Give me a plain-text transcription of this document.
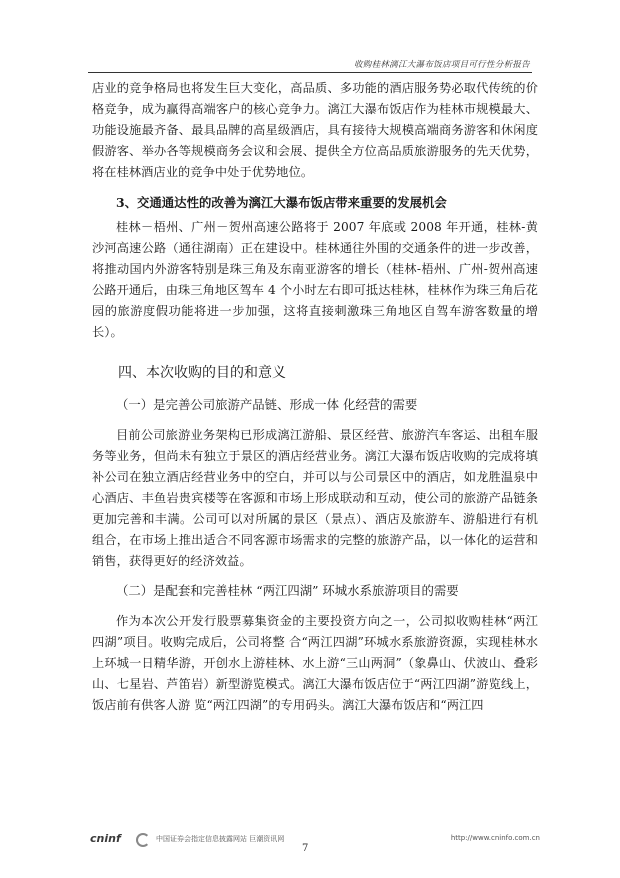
收购桂林漓江大瀑布饭店项目可行性分析报告

店业的竞争格局也将发生巨大变化，高品质、多功能的酒店服务势必取代传统的价格竞争，成为赢得高端客户的核心竞争力。漓江大瀑布饭店作为桂林市规模最大、功能设施最齐备、最具品牌的高星级酒店，具有接待大规模高端商务游客和休闲度假游客、举办各等规模商务会议和会展、提供全方位高品质旅游服务的先天优势，将在桂林酒店业的竞争中处于优势地位。

3、交通通达性的改善为漓江大瀑布饭店带来重要的发展机会

桂林－梧州、广州－贺州高速公路将于 2007 年底或 2008 年开通，桂林-黄沙河高速公路（通往湖南）正在建设中。桂林通往外围的交通条件的进一步改善，将推动国内外游客特别是珠三角及东南亚游客的增长（桂林-梧州、广州-贺州高速公路开通后，由珠三角地区驾车 4 个小时左右即可抵达桂林，桂林作为珠三角后花园的旅游度假功能将进一步加强，这将直接刺激珠三角地区自驾车游客数量的增长）。

四、本次收购的目的和意义
（一）是完善公司旅游产品链、形成一体 化经营的需要

目前公司旅游业务架构已形成漓江游船、景区经营、旅游汽车客运、出租车服务等业务，但尚未有独立于景区的酒店经营业务。漓江大瀑布饭店收购的完成将填补公司在独立酒店经营业务中的空白，并可以与公司景区中的酒店，如龙胜温泉中心酒店、丰鱼岩贵宾楼等在客源和市场上形成联动和互动，使公司的旅游产品链条更加完善和丰满。公司可以对所属的景区（景点）、酒店及旅游车、游船进行有机组合，在市场上推出适合不同客源市场需求的完整的旅游产品，以一体化的运营和销售，获得更好的经济效益。

（二）是配套和完善桂林 “两江四湖” 环城水系旅游项目的需要

作为本次公开发行股票募集资金的主要投资方向之一，公司拟收购桂林“两江四湖”项目。收购完成后，公司将整 合“两江四湖”环城水系旅游资源，实现桂林水上环城一日精华游，开创水上游桂林、水上游“三山两洞”（象鼻山、伏波山、叠彩山、七星岩、芦笛岩）新型游览模式。漓江大瀑布饭店位于“两江四湖”游览线上，饭店前有供客人游 览“两江四湖”的专用码头。漓江大瀑布饭店和“两江四

cninf	中国证券会指定信息披露网站 巨潮资讯网	http://www.cninfo.com.cn
7
